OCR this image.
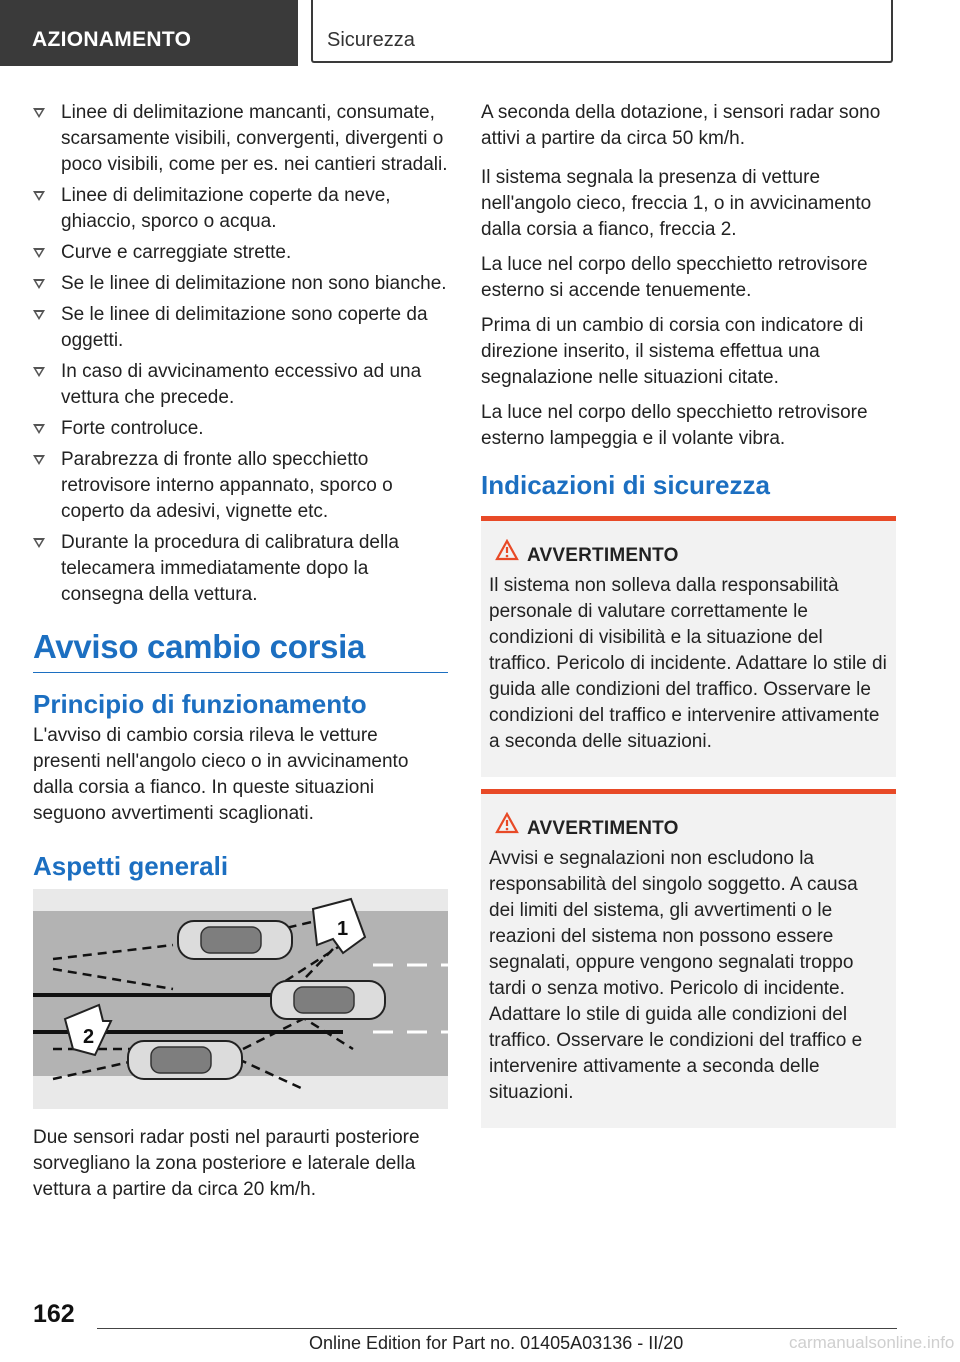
AZIONAMENTO	Sicurezza
Linee di delimitazione mancanti, consumate, scarsamente visibili, convergenti, divergenti o poco visibili, come per es. nei cantieri stradali.
Linee di delimitazione coperte da neve, ghiaccio, sporco o acqua.
Curve e carreggiate strette.
Se le linee di delimitazione non sono bianche.
Se le linee di delimitazione sono coperte da oggetti.
In caso di avvicinamento eccessivo ad una vettura che precede.
Forte controluce.
Parabrezza di fronte allo specchietto retrovisore interno appannato, sporco o coperto da adesivi, vignette etc.
Durante la procedura di calibratura della telecamera immediatamente dopo la consegna della vettura.
Avviso cambio corsia
Principio di funzionamento

L'avviso di cambio corsia rileva le vetture presenti nell'angolo cieco o in avvicinamento dalla corsia a fianco. In queste situazioni seguono avvertimenti scaglionati.

Aspetti generali
1
2

Due sensori radar posti nel paraurti posteriore sorvegliano la zona posteriore e laterale della vettura a partire da circa 20 km/h.

A seconda della dotazione, i sensori radar sono attivi a partire da circa 50 km/h.

Il sistema segnala la presenza di vetture nell'angolo cieco, freccia 1, o in avvicinamento dalla corsia a fianco, freccia 2.

La luce nel corpo dello specchietto retrovisore esterno si accende tenuemente.

Prima di un cambio di corsia con indicatore di direzione inserito, il sistema effettua una segnalazione nelle situazioni citate.

La luce nel corpo dello specchietto retrovisore esterno lampeggia e il volante vibra.

Indicazioni di sicurezza
AVVERTIMENTO

Il sistema non solleva dalla responsabilità personale di valutare correttamente le condizioni di visibilità e la situazione del traffico. Pericolo di incidente. Adattare lo stile di guida alle condizioni del traffico. Osservare le condizioni del traffico e intervenire attivamente a seconda delle situazioni.

AVVERTIMENTO

Avvisi e segnalazioni non escludono la responsabilità del singolo soggetto. A causa dei limiti del sistema, gli avvertimenti o le reazioni del sistema non possono essere segnalati, oppure vengono segnalati troppo tardi o senza motivo. Pericolo di incidente. Adattare lo stile di guida alle condizioni del traffico. Osservare le condizioni del traffico e intervenire attivamente a seconda delle situazioni.

162
Online Edition for Part no. 01405A03136 - II/20	carmanualsonline.info
